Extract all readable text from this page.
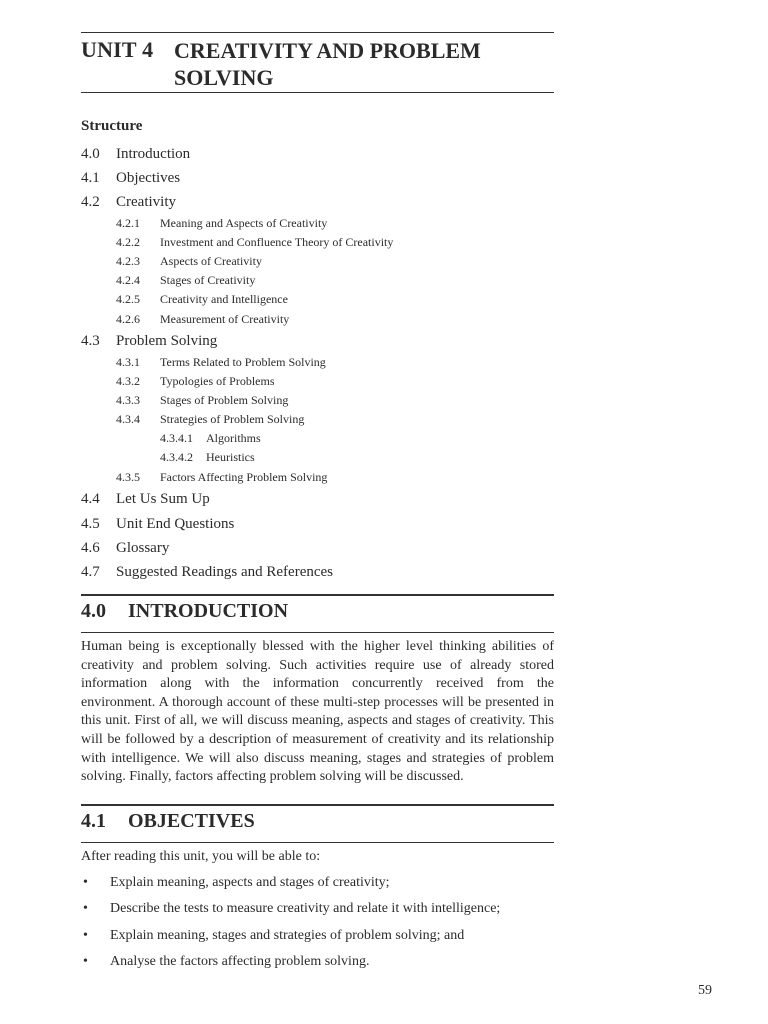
UNIT 4 CREATIVITY AND PROBLEM
SOLVING
Structure
4.0 Introduction
4.1 Objectives
4.2 Creativity
4.2.1 Meaning and Aspects of Creativity
4.2.2 Investment and Confluence Theory of Creativity
4.2.3 Aspects of Creativity
4.2.4 Stages of Creativity
4.2.5 Creativity and Intelligence
4.2.6 Measurement of Creativity
4.3 Problem Solving
4.3.1 Terms Related to Problem Solving
4.3.2 Typologies of Problems
4.3.3 Stages of Problem Solving
4.3.4 Strategies of Problem Solving
4.3.4.1 Algorithms
4.3.4.2 Heuristics
4.3.5 Factors Affecting Problem Solving
4.4 Let Us Sum Up
4.5 Unit End Questions
4.6 Glossary
4.7 Suggested Readings and References
4.0 INTRODUCTION

Human being is exceptionally blessed with the higher level thinking abilities of creativity and problem solving. Such activities require use of already stored information along with the information concurrently received from the environment. A thorough account of these multi-step processes will be presented in this unit. First of all, we will discuss meaning, aspects and stages of creativity. This will be followed by a description of measurement of creativity and its relationship with intelligence. We will also discuss meaning, stages and strategies of problem solving. Finally, factors affecting problem solving will be discussed.

4.1 OBJECTIVES
After reading this unit, you will be able to:
• Explain meaning, aspects and stages of creativity;
• Describe the tests to measure creativity and relate it with intelligence;
• Explain meaning, stages and strategies of problem solving; and
• Analyse the factors affecting problem solving.
59
